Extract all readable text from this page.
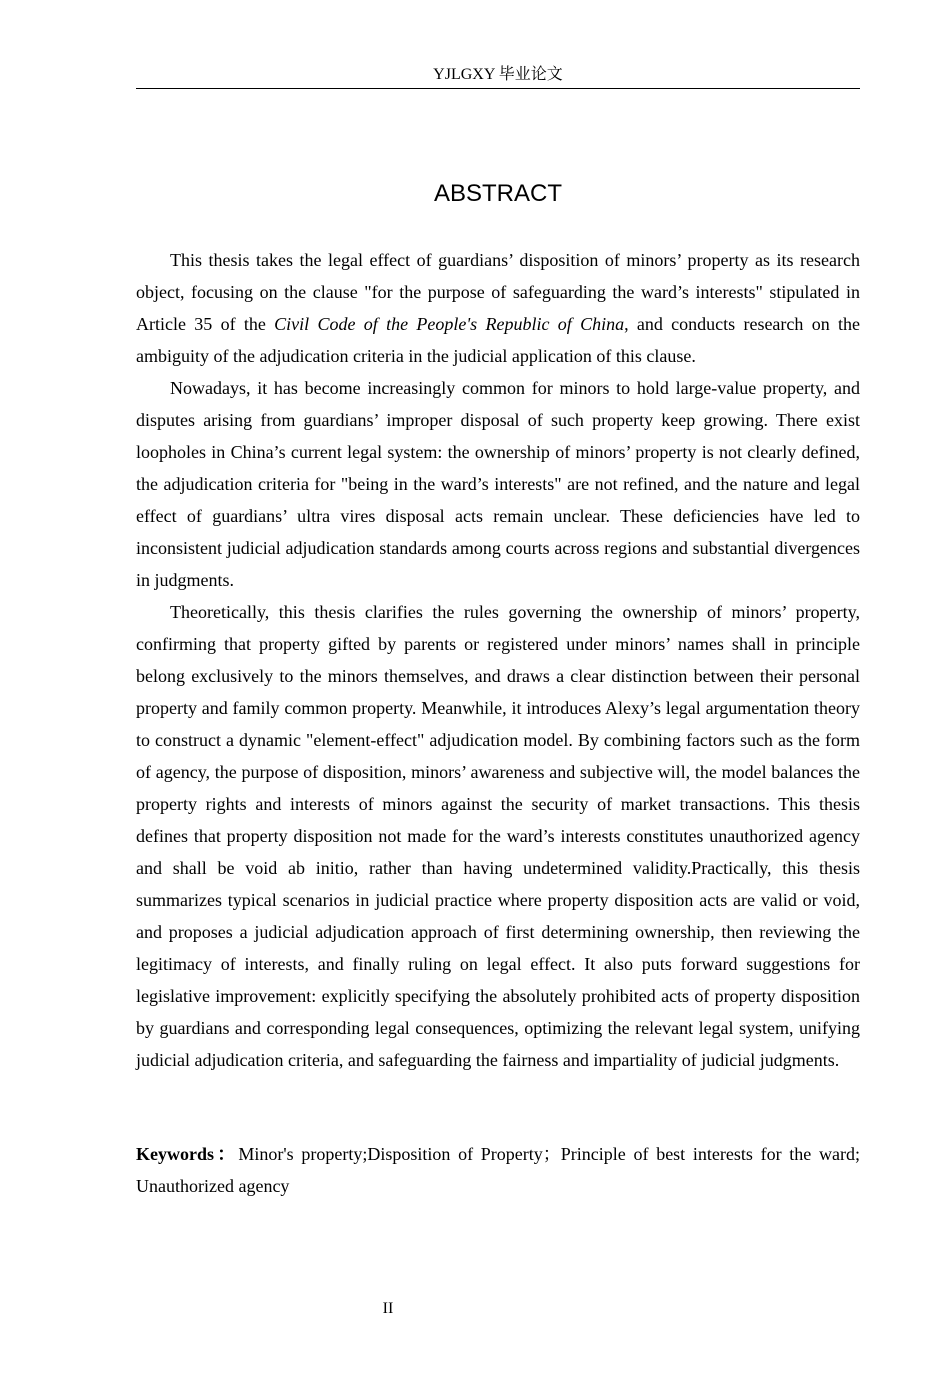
YJLGXY 毕业论文
ABSTRACT

This thesis takes the legal effect of guardians’ disposition of minors’ property as its research object, focusing on the clause "for the purpose of safeguarding the ward’s interests" stipulated in Article 35 of the Civil Code of the People's Republic of China, and conducts research on the ambiguity of the adjudication criteria in the judicial application of this clause.

Nowadays, it has become increasingly common for minors to hold large-value property, and disputes arising from guardians’ improper disposal of such property keep growing. There exist loopholes in China’s current legal system: the ownership of minors’ property is not clearly defined, the adjudication criteria for "being in the ward’s interests" are not refined, and the nature and legal effect of guardians’ ultra vires disposal acts remain unclear. These deficiencies have led to inconsistent judicial adjudication standards among courts across regions and substantial divergences in judgments.

Theoretically, this thesis clarifies the rules governing the ownership of minors’ property, confirming that property gifted by parents or registered under minors’ names shall in principle belong exclusively to the minors themselves, and draws a clear distinction between their personal property and family common property. Meanwhile, it introduces Alexy’s legal argumentation theory to construct a dynamic "element-effect" adjudication model. By combining factors such as the form of agency, the purpose of disposition, minors’ awareness and subjective will, the model balances the property rights and interests of minors against the security of market transactions. This thesis defines that property disposition not made for the ward’s interests constitutes unauthorized agency and shall be void ab initio, rather than having undetermined validity.Practically, this thesis summarizes typical scenarios in judicial practice where property disposition acts are valid or void, and proposes a judicial adjudication approach of first determining ownership, then reviewing the legitimacy of interests, and finally ruling on legal effect. It also puts forward suggestions for legislative improvement: explicitly specifying the absolutely prohibited acts of property disposition by guardians and corresponding legal consequences, optimizing the relevant legal system, unifying judicial adjudication criteria, and safeguarding the fairness and impartiality of judicial judgments.

Keywords：Minor's property;Disposition of Property；Principle of best interests for the ward; Unauthorized agency
II
